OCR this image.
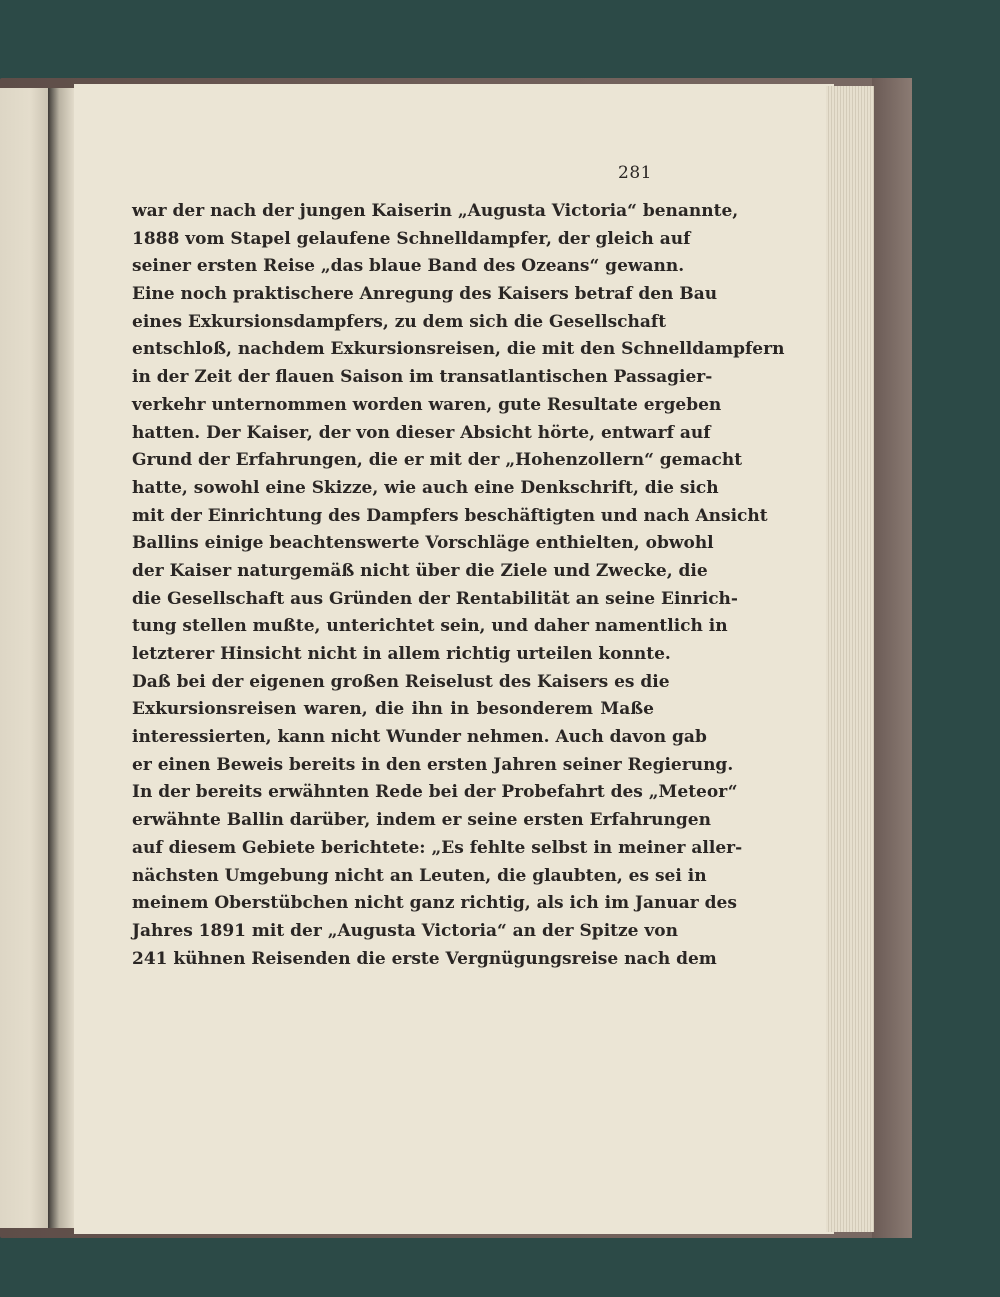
281
war der nach der jungen Kaiserin „Augusta Victoria“ benannte,
1888 vom Stapel gelaufene Schnelldampfer, der gleich auf
seiner ersten Reise „das blaue Band des Ozeans“ gewann.
Eine noch praktischere Anregung des Kaisers betraf den Bau
eines Exkursionsdampfers, zu dem sich die Gesellschaft
entschloß, nachdem Exkursionsreisen, die mit den Schnelldampfern
in der Zeit der flauen Saison im transatlantischen Passagier-
verkehr unternommen worden waren, gute Resultate ergeben
hatten. Der Kaiser, der von dieser Absicht hörte, entwarf auf
Grund der Erfahrungen, die er mit der „Hohenzollern“ gemacht
hatte, sowohl eine Skizze, wie auch eine Denkschrift, die sich
mit der Einrichtung des Dampfers beschäftigten und nach Ansicht
Ballins einige beachtenswerte Vorschläge enthielten, obwohl
der Kaiser naturgemäß nicht über die Ziele und Zwecke, die
die Gesellschaft aus Gründen der Rentabilität an seine Einrich-
tung stellen mußte, unterichtet sein, und daher namentlich in
letzterer Hinsicht nicht in allem richtig urteilen konnte.
Daß bei der eigenen großen Reiselust des Kaisers es die
Exkursionsreisen waren, die ihn in besonderem Maße
interessierten, kann nicht Wunder nehmen. Auch davon gab
er einen Beweis bereits in den ersten Jahren seiner Regierung.
In der bereits erwähnten Rede bei der Probefahrt des „Meteor“
erwähnte Ballin darüber, indem er seine ersten Erfahrungen
auf diesem Gebiete berichtete: „Es fehlte selbst in meiner aller-
nächsten Umgebung nicht an Leuten, die glaubten, es sei in
meinem Oberstübchen nicht ganz richtig, als ich im Januar des
Jahres 1891 mit der „Augusta Victoria“ an der Spitze von
241 kühnen Reisenden die erste Vergnügungsreise nach dem
